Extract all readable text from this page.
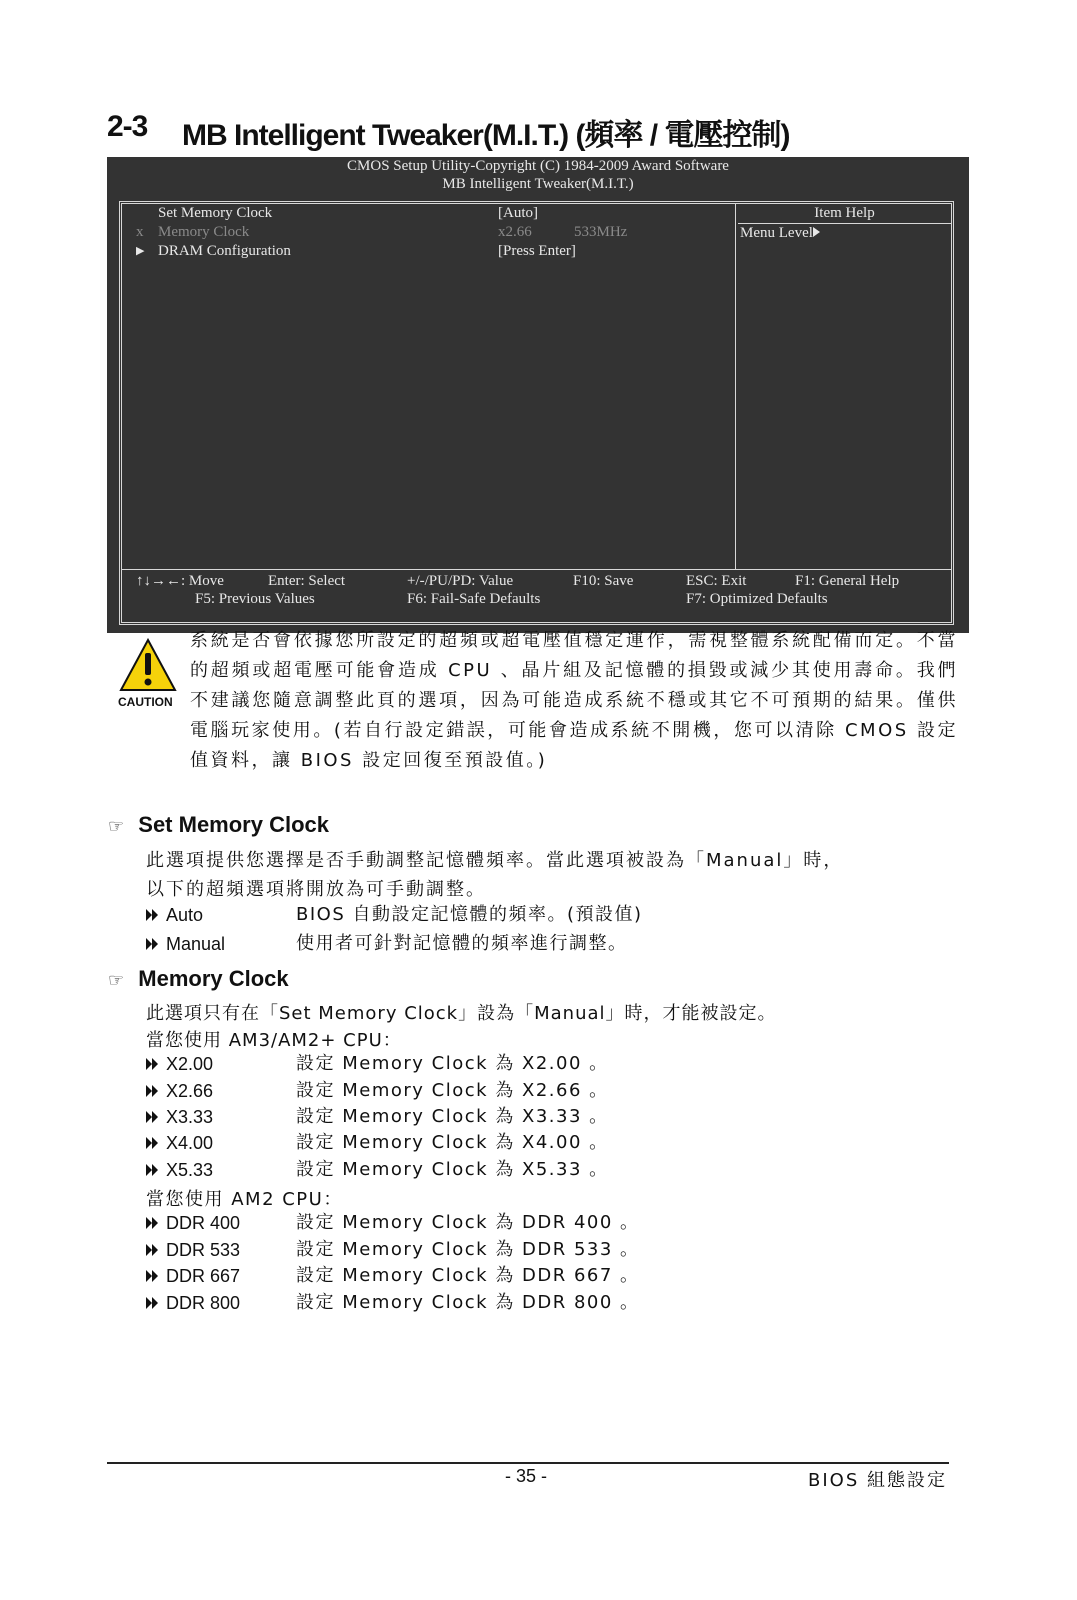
2-3 MB Intelligent Tweaker(M.I.T.) (頻率 / 電壓控制)
CMOS Setup Utility-Copyright (C) 1984-2009 Award Software
MB Intelligent Tweaker(M.I.T.)
Item Help
Menu Level
Set Memory Clock	[Auto]
x Memory Clock	x2.66	533MHz
▶ DRAM Configuration	[Press Enter]
↑↓→←: Move	Enter: Select	+/-/PU/PD: Value	F10: Save	ESC: Exit	F1: General Help
F5: Previous Values	F6: Fail-Safe Defaults	F7: Optimized Defaults
CAUTION
系統是否會依據您所設定的超頻或超電壓值穩定運作，需視整體系統配備而定。不當的超頻或超電壓可能會造成 CPU 、晶片組及記憶體的損毀或減少其使用壽命。我們不建議您隨意調整此頁的選項，因為可能造成系統不穩或其它不可預期的結果。僅供電腦玩家使用。(若自行設定錯誤，可能會造成系統不開機，您可以清除 CMOS 設定值資料，讓 BIOS 設定回復至預設值。)
☞ Set Memory Clock
此選項提供您選擇是否手動調整記憶體頻率。當此選項被設為「Manual」時，
以下的超頻選項將開放為可手動調整。
Auto	BIOS 自動設定記憶體的頻率。(預設值)
Manual	使用者可針對記憶體的頻率進行調整。
☞ Memory Clock
此選項只有在「Set Memory Clock」設為「Manual」時，才能被設定。
當您使用 AM3/AM2+ CPU：
X2.00	設定 Memory Clock 為 X2.00 。
X2.66	設定 Memory Clock 為 X2.66 。
X3.33	設定 Memory Clock 為 X3.33 。
X4.00	設定 Memory Clock 為 X4.00 。
X5.33	設定 Memory Clock 為 X5.33 。
當您使用 AM2 CPU：
DDR 400	設定 Memory Clock 為 DDR 400 。
DDR 533	設定 Memory Clock 為 DDR 533 。
DDR 667	設定 Memory Clock 為 DDR 667 。
DDR 800	設定 Memory Clock 為 DDR 800 。
- 35 -	BIOS 組態設定
